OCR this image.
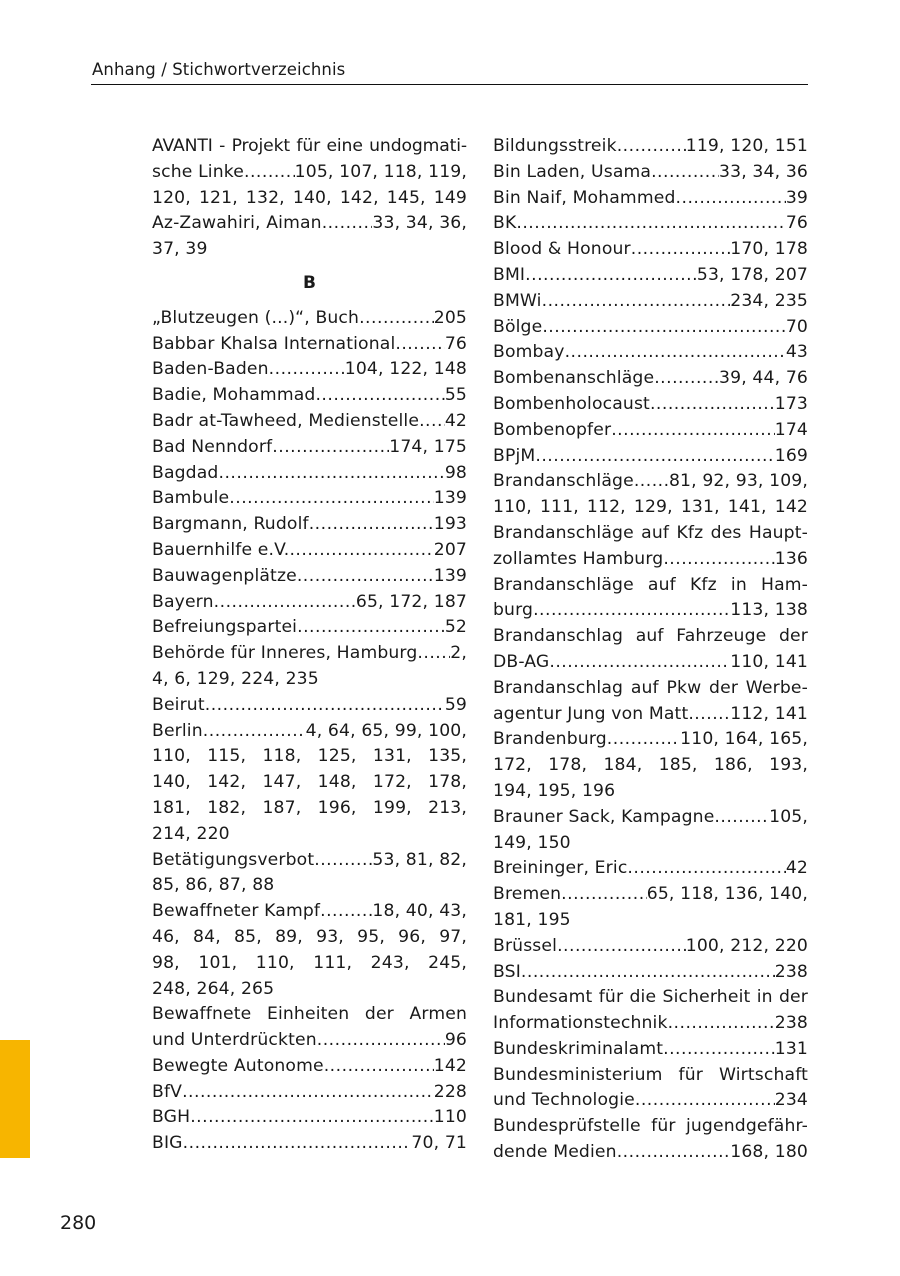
Anhang / Stichwortverzeichnis
AVANTI - Projekt für eine undogmati-
sche Linke .....	105, 107, 118, 119,
120, 121, 132, 140, 142, 145, 149
Az-Zawahiri, Aiman .....	33, 34, 36,
37, 39
B
„Blutzeugen (...)“, Buch .....	205
Babbar Khalsa International .....	76
Baden-Baden .....	104, 122, 148
Badie, Mohammad .....	55
Badr at-Tawheed, Medienstelle ..... 42
Bad Nenndorf .....	174, 175
Bagdad .....	98
Bambule .....	139
Bargmann, Rudolf .....	193
Bauernhilfe e.V. .....	207
Bauwagenplätze .....	139
Bayern .....	65, 172, 187
Befreiungspartei .....	52
Behörde für Inneres, Hamburg ..... 2,
4, 6, 129, 224, 235
Beirut .....	59
Berlin .....	4, 64, 65, 99, 100,
110, 115, 118, 125, 131, 135,
140, 142, 147, 148, 172, 178,
181, 182, 187, 196, 199, 213,
214, 220
Betätigungsverbot .....	53, 81, 82,
85, 86, 87, 88
Bewaffneter Kampf .....	18, 40, 43,
46, 84, 85, 89, 93, 95, 96, 97,
98, 101, 110, 111, 243, 245,
248, 264, 265
Bewaffnete Einheiten der Armen
und Unterdrückten .....	96
Bewegte Autonome .....	142
BfV .....	228
BGH .....	110
BIG .....	70, 71
Bildungsstreik .....	119, 120, 151
Bin Laden, Usama .....	33, 34, 36
Bin Naif, Mohammed .....	39
BK .....	76
Blood & Honour .....	170, 178
BMI .....	53, 178, 207
BMWi .....	234, 235
Bölge .....	70
Bombay .....	43
Bombenanschläge .....	39, 44, 76
Bombenholocaust .....	173
Bombenopfer .....	174
BPjM .....	169
Brandanschläge ..... 81, 92, 93, 109,
110, 111, 112, 129, 131, 141, 142
Brandanschläge auf Kfz des Haupt-
zollamtes Hamburg .....	136
Brandanschläge auf Kfz in Ham-
burg .....	113, 138
Brandanschlag auf Fahrzeuge der
DB-AG .....	110, 141
Brandanschlag auf Pkw der Werbe-
agentur Jung von Matt ..... 112, 141
Brandenburg .....	110, 164, 165,
172, 178, 184, 185, 186, 193,
194, 195, 196
Brauner Sack, Kampagne .....	105,
149, 150
Breininger, Eric .....	42
Bremen .....	65, 118, 136, 140,
181, 195
Brüssel .....	100, 212, 220
BSI .....	238
Bundesamt für die Sicherheit in der
Informationstechnik .....	238
Bundeskriminalamt .....	131
Bundesministerium für Wirtschaft
und Technologie .....	234
Bundesprüfstelle für jugendgefähr-
dende Medien .....	168, 180
280
